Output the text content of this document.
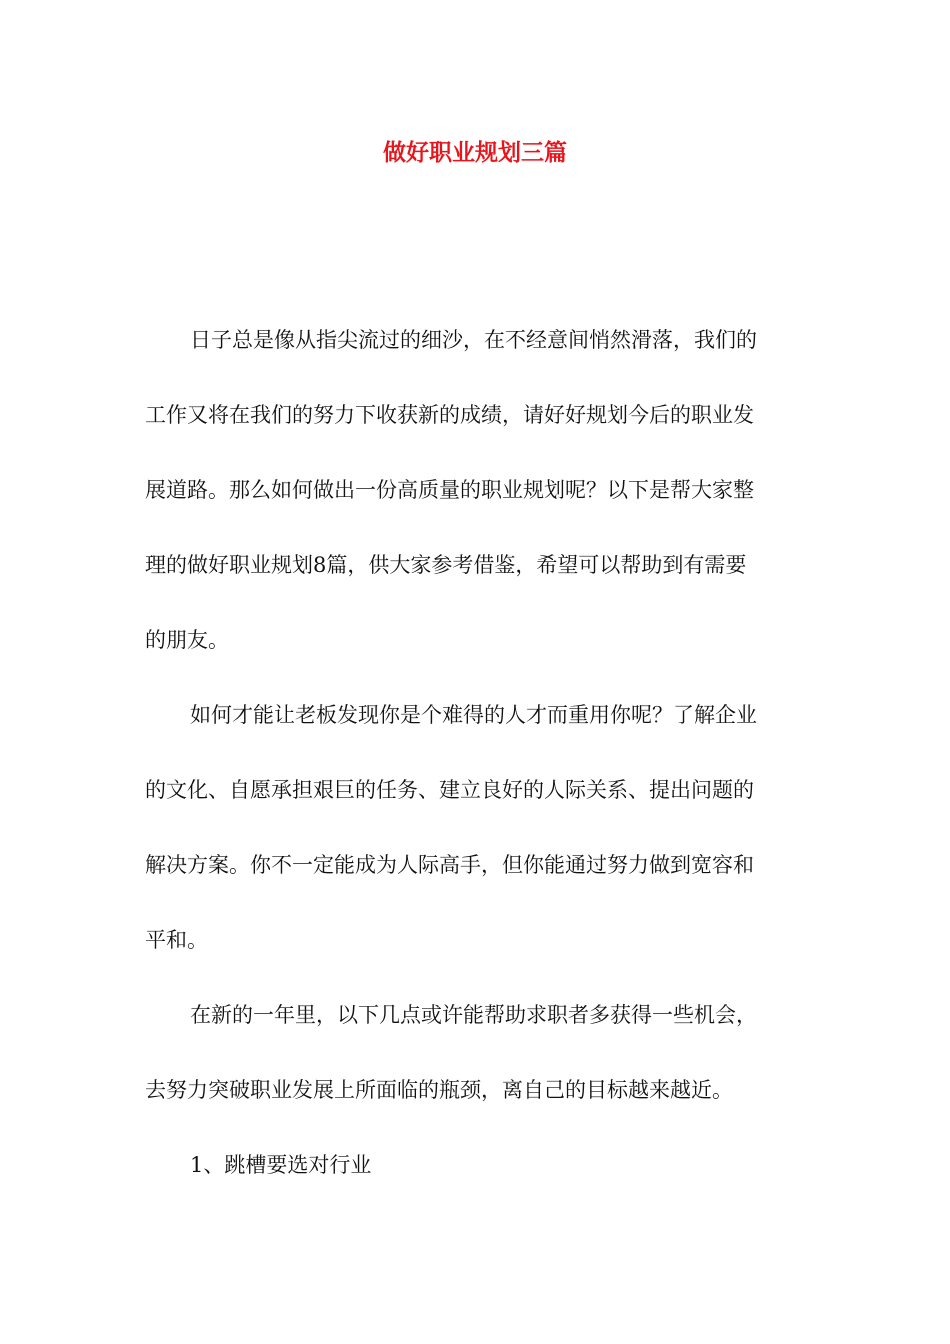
做好职业规划三篇
日子总是像从指尖流过的细沙，在不经意间悄然滑落，我们的
工作又将在我们的努力下收获新的成绩，请好好规划今后的职业发
展道路。那么如何做出一份高质量的职业规划呢？以下是帮大家整
理的做好职业规划8篇，供大家参考借鉴，希望可以帮助到有需要
的朋友。
如何才能让老板发现你是个难得的人才而重用你呢？了解企业
的文化、自愿承担艰巨的任务、建立良好的人际关系、提出问题的
解决方案。你不一定能成为人际高手，但你能通过努力做到宽容和
平和。
在新的一年里，以下几点或许能帮助求职者多获得一些机会，
去努力突破职业发展上所面临的瓶颈，离自己的目标越来越近。
1、跳槽要选对行业
